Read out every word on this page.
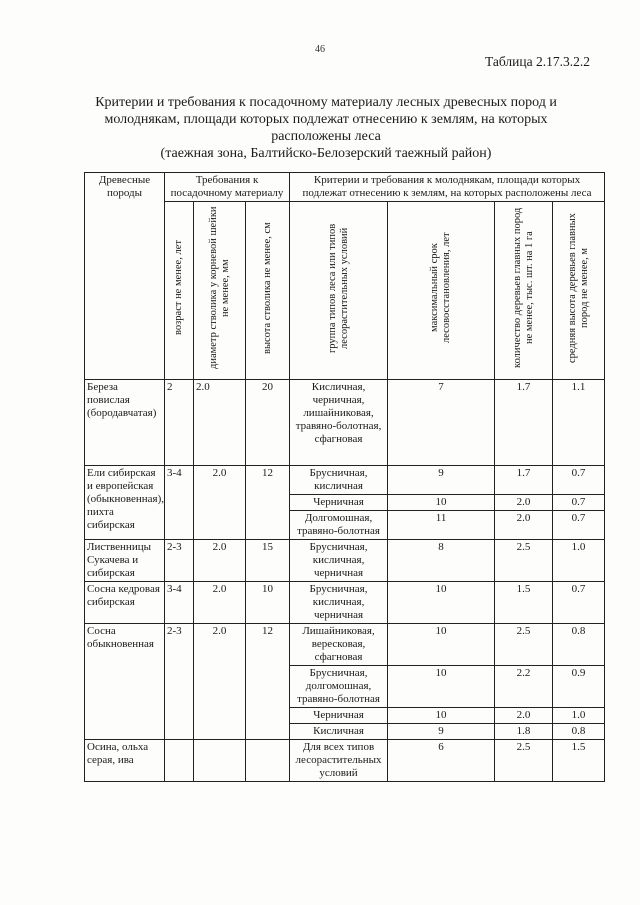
46
Таблица 2.17.3.2.2
Критерии и требования к посадочному материалу лесных древесных пород и
молоднякам, площади которых подлежат отнесению к землям, на которых
расположены леса
(таежная зона, Балтийско-Белозерский таежный район)
Древесные породы	Требования к посадочному материалу			Критерии и требования к молоднякам, площади которых подлежат отнесению к землям, на которых расположены леса			

	возраст не менее, лет	диаметр стволика у корневой шейки не менее, мм	высота стволика не менее, см	группа типов леса или типов лесорастительных условий	максимальный срок лесовосстановления, лет	количество деревьев главных пород не менее, тыс. шт. на 1 га	средняя высота деревьев главных пород не менее, м

Береза повислая (бородавчатая)	2	2.0	20	Кисличная, черничная, лишайниковая, травяно-болотная, сфагновая	7	1.7	1.1
Ели сибирская и европейская (обыкновенная), пихта сибирская	3-4	2.0	12	Брусничная, кисличная	9	1.7	0.7
				Черничная	10	2.0	0.7
				Долгомошная, травяно-болотная	11	2.0	0.7
Лиственницы Сукачева и сибирская	2-3	2.0	15	Брусничная, кисличная, черничная	8	2.5	1.0
Сосна кедровая сибирская	3-4	2.0	10	Брусничная, кисличная, черничная	10	1.5	0.7
Сосна обыкновенная	2-3	2.0	12	Лишайниковая, вересковая, сфагновая	10	2.5	0.8
				Брусничная, долгомошная, травяно-болотная	10	2.2	0.9
				Черничная	10	2.0	1.0
				Кисличная	9	1.8	0.8
Осина, ольха серая, ива				Для всех типов лесорастительных условий	6	2.5	1.5
